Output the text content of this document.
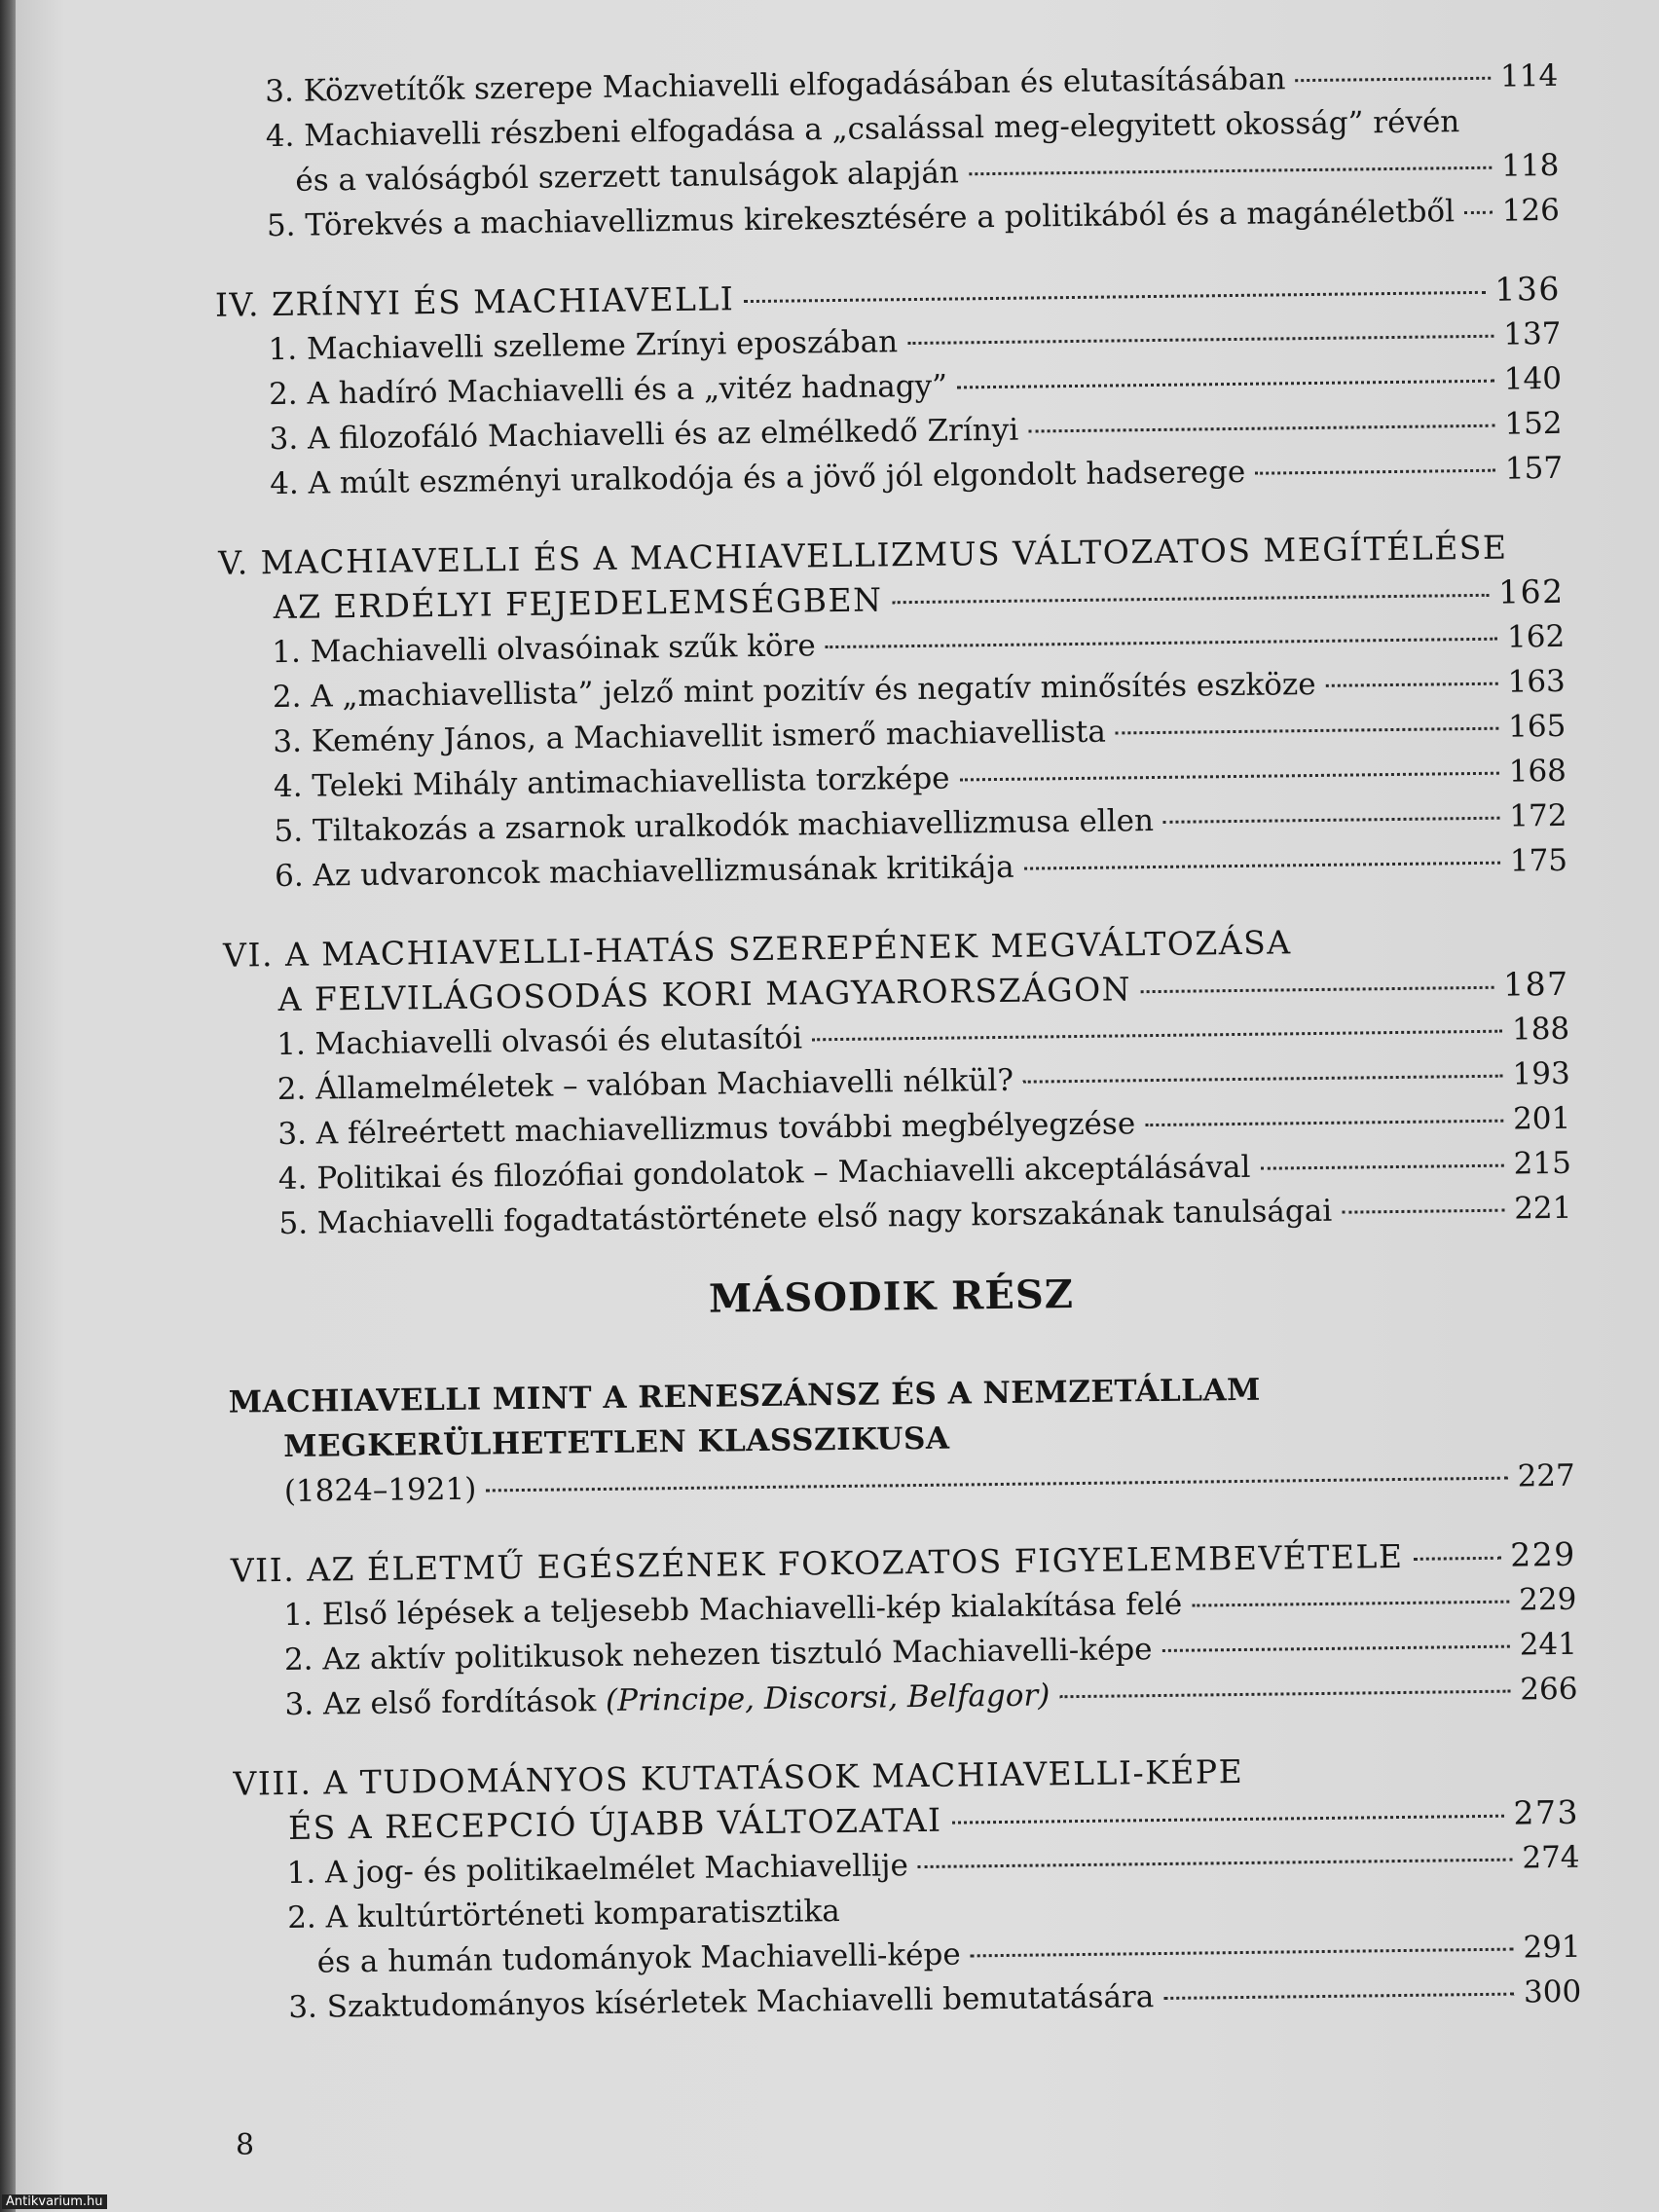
3. Közvetítők szerepe Machiavelli elfogadásában és elutasításában	114
4. Machiavelli részbeni elfogadása a „csalással meg-elegyitett okosság” révén
és a valóságból szerzett tanulságok alapján	118
5. Törekvés a machiavellizmus kirekesztésére a politikából és a magánéletből 126
IV. ZRÍNYI ÉS MACHIAVELLI	136
1. Machiavelli szelleme Zrínyi eposzában	137
2. A hadíró Machiavelli és a „vitéz hadnagy”	140
3. A filozofáló Machiavelli és az elmélkedő Zrínyi	152
4. A múlt eszményi uralkodója és a jövő jól elgondolt hadserege	157
V. MACHIAVELLI ÉS A MACHIAVELLIZMUS VÁLTOZATOS MEGÍTÉLÉSE
AZ ERDÉLYI FEJEDELEMSÉGBEN	162
1. Machiavelli olvasóinak szűk köre	162
2. A „machiavellista” jelző mint pozitív és negatív minősítés eszköze	163
3. Kemény János, a Machiavellit ismerő machiavellista	165
4. Teleki Mihály antimachiavellista torzképe	168
5. Tiltakozás a zsarnok uralkodók machiavellizmusa ellen	172
6. Az udvaroncok machiavellizmusának kritikája	175
VI. A MACHIAVELLI-HATÁS SZEREPÉNEK MEGVÁLTOZÁSA
A FELVILÁGOSODÁS KORI MAGYARORSZÁGON	187
1. Machiavelli olvasói és elutasítói	188
2. Államelméletek – valóban Machiavelli nélkül?	193
3. A félreértett machiavellizmus további megbélyegzése	201
4. Politikai és filozófiai gondolatok – Machiavelli akceptálásával	215
5. Machiavelli fogadtatástörténete első nagy korszakának tanulságai	221
MÁSODIK RÉSZ
MACHIAVELLI MINT A RENESZÁNSZ ÉS A NEMZETÁLLAM
MEGKERÜLHETETLEN KLASSZIKUSA
(1824–1921)	227
VII. AZ ÉLETMŰ EGÉSZÉNEK FOKOZATOS FIGYELEMBEVÉTELE	229
1. Első lépések a teljesebb Machiavelli-kép kialakítása felé	229
2. Az aktív politikusok nehezen tisztuló Machiavelli-képe	241
3. Az első fordítások (Principe, Discorsi, Belfagor)	266
VIII. A TUDOMÁNYOS KUTATÁSOK MACHIAVELLI-KÉPE
ÉS A RECEPCIÓ ÚJABB VÁLTOZATAI	273
1. A jog- és politikaelmélet Machiavellije	274
2. A kultúrtörténeti komparatisztika
és a humán tudományok Machiavelli-képe	291
3. Szaktudományos kísérletek Machiavelli bemutatására	300
8
Antikvarium.hu
